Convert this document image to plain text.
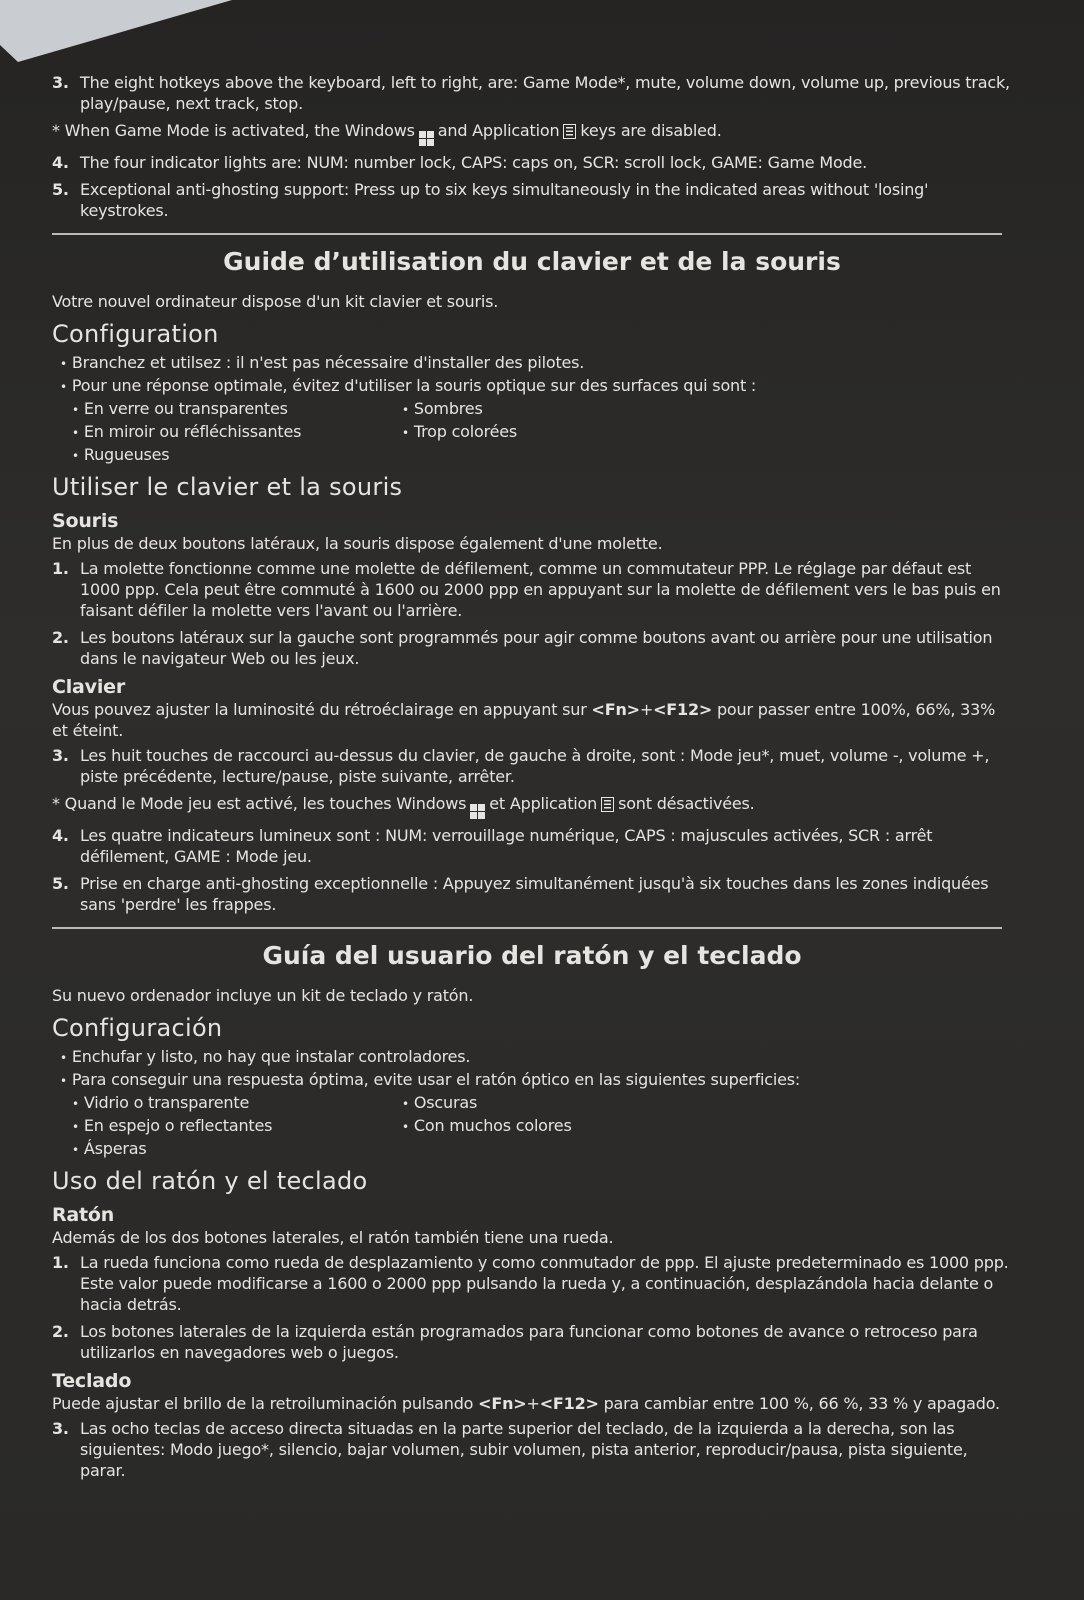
3. The eight hotkeys above the keyboard, left to right, are: Game Mode*, mute, volume down, volume up, previous track, play/pause, next track, stop.
* When Game Mode is activated, the Windows and Application keys are disabled.
4. The four indicator lights are: NUM: number lock, CAPS: caps on, SCR: scroll lock, GAME: Game Mode.
5. Exceptional anti-ghosting support: Press up to six keys simultaneously in the indicated areas without 'losing' keystrokes.
Guide d’utilisation du clavier et de la souris
Votre nouvel ordinateur dispose d'un kit clavier et souris.
Configuration
• Branchez et utilsez : il n'est pas nécessaire d'installer des pilotes.
• Pour une réponse optimale, évitez d'utiliser la souris optique sur des surfaces qui sont :
• En verre ou transparentes	• Sombres
• En miroir ou réfléchissantes	• Trop colorées
• Rugueuses
Utiliser le clavier et la souris
Souris
En plus de deux boutons latéraux, la souris dispose également d'une molette.
1. La molette fonctionne comme une molette de défilement, comme un commutateur PPP. Le réglage par défaut est 1000 ppp. Cela peut être commuté à 1600 ou 2000 ppp en appuyant sur la molette de défilement vers le bas puis en faisant défiler la molette vers l'avant ou l'arrière.
2. Les boutons latéraux sur la gauche sont programmés pour agir comme boutons avant ou arrière pour une utilisation dans le navigateur Web ou les jeux.
Clavier
Vous pouvez ajuster la luminosité du rétroéclairage en appuyant sur <Fn>+<F12> pour passer entre 100%, 66%, 33% et éteint.
3. Les huit touches de raccourci au-dessus du clavier, de gauche à droite, sont : Mode jeu*, muet, volume -, volume +, piste précédente, lecture/pause, piste suivante, arrêter.
* Quand le Mode jeu est activé, les touches Windows et Application sont désactivées.
4. Les quatre indicateurs lumineux sont : NUM: verrouillage numérique, CAPS : majuscules activées, SCR : arrêt défilement, GAME : Mode jeu.
5. Prise en charge anti-ghosting exceptionnelle : Appuyez simultanément jusqu'à six touches dans les zones indiquées sans 'perdre' les frappes.
Guía del usuario del ratón y el teclado
Su nuevo ordenador incluye un kit de teclado y ratón.
Configuración
• Enchufar y listo, no hay que instalar controladores.
• Para conseguir una respuesta óptima, evite usar el ratón óptico en las siguientes superficies:
• Vidrio o transparente	• Oscuras
• En espejo o reflectantes	• Con muchos colores
• Ásperas
Uso del ratón y el teclado
Ratón
Además de los dos botones laterales, el ratón también tiene una rueda.
1. La rueda funciona como rueda de desplazamiento y como conmutador de ppp. El ajuste predeterminado es 1000 ppp. Este valor puede modificarse a 1600 o 2000 ppp pulsando la rueda y, a continuación, desplazándola hacia delante o hacia detrás.
2. Los botones laterales de la izquierda están programados para funcionar como botones de avance o retroceso para utilizarlos en navegadores web o juegos.
Teclado
Puede ajustar el brillo de la retroiluminación pulsando <Fn>+<F12> para cambiar entre 100 %, 66 %, 33 % y apagado.
3. Las ocho teclas de acceso directa situadas en la parte superior del teclado, de la izquierda a la derecha, son las siguientes: Modo juego*, silencio, bajar volumen, subir volumen, pista anterior, reproducir/pausa, pista siguiente, parar.
